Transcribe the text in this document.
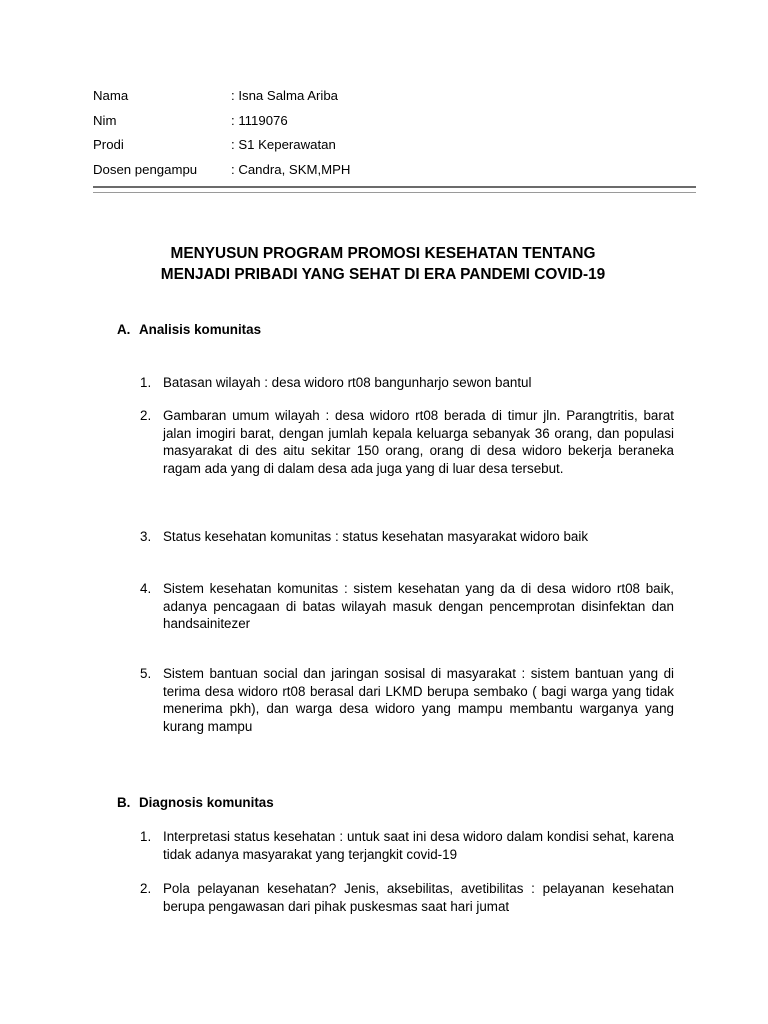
Nama	: Isna Salma Ariba
Nim	: 1119076
Prodi	: S1 Keperawatan
Dosen pengampu	: Candra, SKM,MPH
MENYUSUN PROGRAM PROMOSI KESEHATAN TENTANG
MENJADI PRIBADI YANG SEHAT DI ERA PANDEMI COVID-19
A. Analisis komunitas
1. Batasan wilayah : desa widoro rt08 bangunharjo sewon bantul
2. Gambaran umum wilayah : desa widoro rt08 berada di timur jln. Parangtritis, barat jalan imogiri barat, dengan jumlah kepala keluarga sebanyak 36 orang, dan populasi masyarakat di des aitu sekitar 150 orang, orang di desa widoro bekerja beraneka ragam ada yang di dalam desa ada juga yang di luar desa tersebut.
3. Status kesehatan komunitas : status kesehatan masyarakat widoro baik
4. Sistem kesehatan komunitas : sistem kesehatan yang da di desa widoro rt08 baik, adanya pencagaan di batas wilayah masuk dengan pencemprotan disinfektan dan handsainitezer
5. Sistem bantuan social dan jaringan sosisal di masyarakat : sistem bantuan yang di terima desa widoro rt08 berasal dari LKMD berupa sembako ( bagi warga yang tidak menerima pkh), dan warga desa widoro yang mampu membantu warganya yang kurang mampu
B. Diagnosis komunitas
1. Interpretasi status kesehatan : untuk saat ini desa widoro dalam kondisi sehat, karena tidak adanya masyarakat yang terjangkit covid-19
2. Pola pelayanan kesehatan? Jenis, aksebilitas, avetibilitas : pelayanan kesehatan berupa pengawasan dari pihak puskesmas saat hari jumat
